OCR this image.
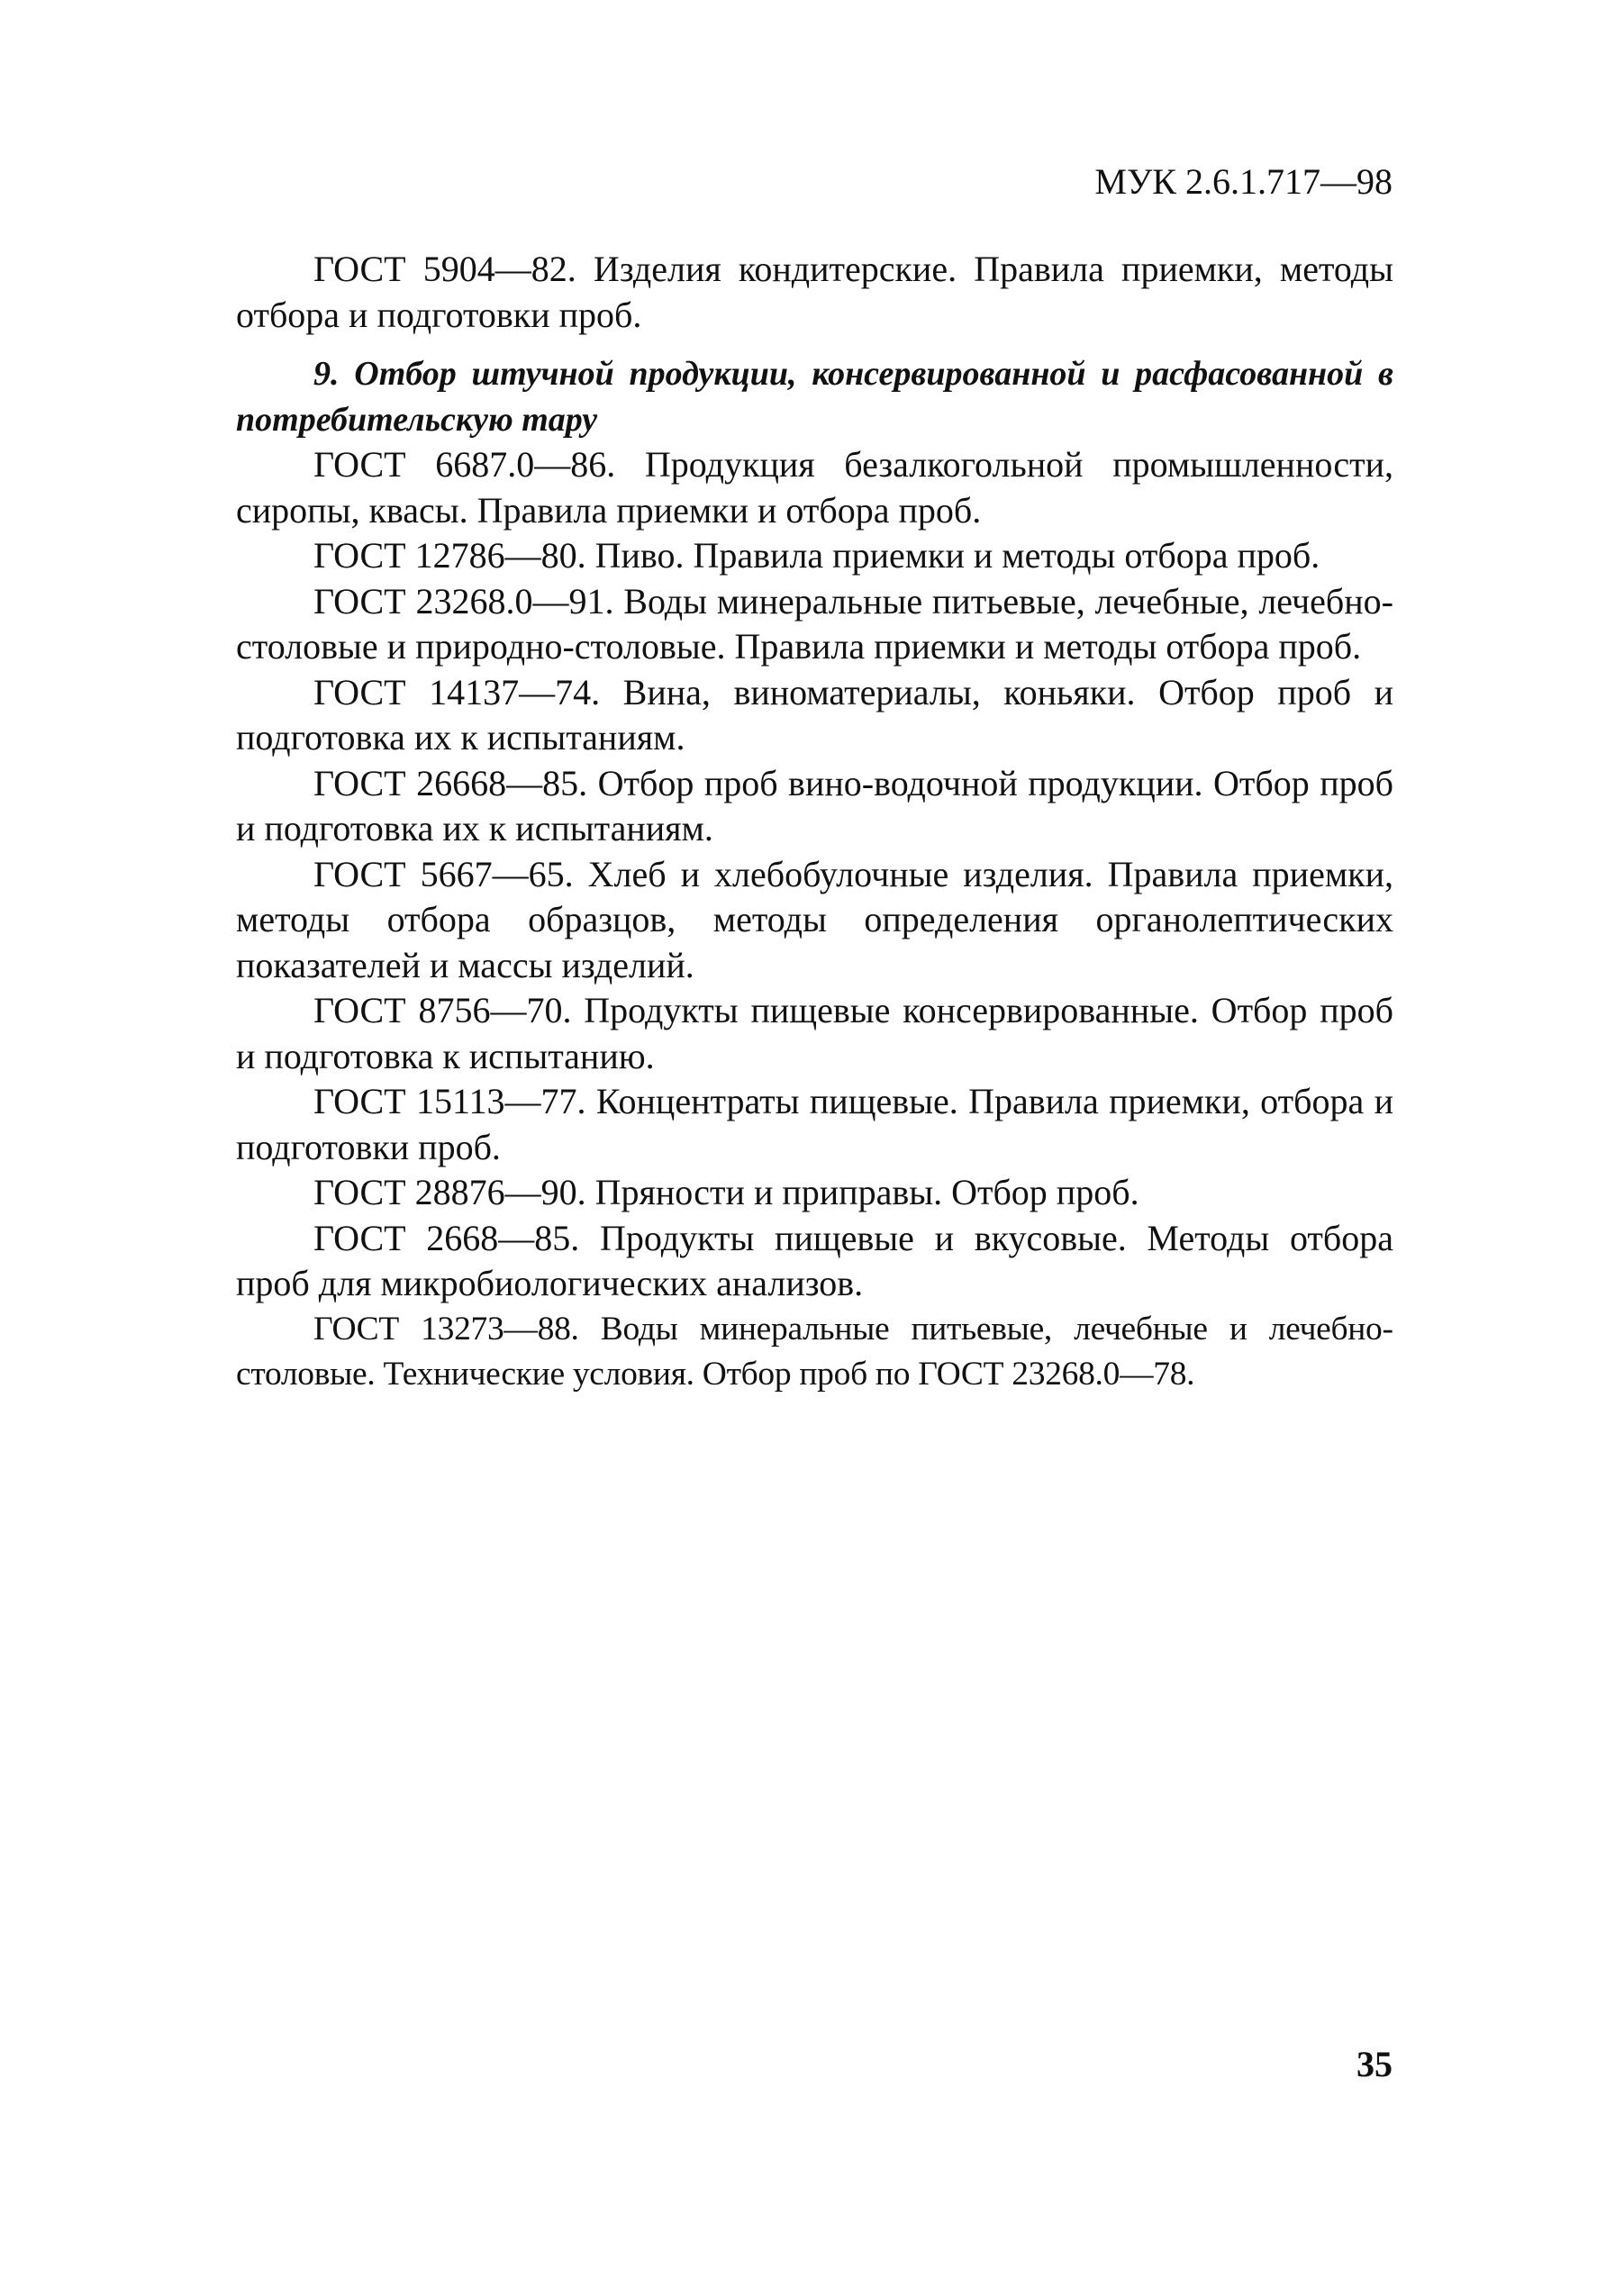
МУК 2.6.1.717—98

ГОСТ 5904—82. Изделия кондитерские. Правила приемки, методы отбора и подготовки проб.

9. Отбор штучной продукции, консервированной и расфасованной в потребительскую тару

ГОСТ 6687.0—86. Продукция безалкогольной промышленности, сиропы, квасы. Правила приемки и отбора проб.

ГОСТ 12786—80. Пиво. Правила приемки и методы отбора проб.

ГОСТ 23268.0—91. Воды минеральные питьевые, лечебные, лечебно-столовые и природно-столовые. Правила приемки и методы отбора проб.

ГОСТ 14137—74. Вина, виноматериалы, коньяки. Отбор проб и подготовка их к испытаниям.

ГОСТ 26668—85. Отбор проб вино-водочной продукции. Отбор проб и подготовка их к испытаниям.

ГОСТ 5667—65. Хлеб и хлебобулочные изделия. Правила приемки, методы отбора образцов, методы определения органолептических показателей и массы изделий.

ГОСТ 8756—70. Продукты пищевые консервированные. Отбор проб и подготовка к испытанию.

ГОСТ 15113—77. Концентраты пищевые. Правила приемки, отбора и подготовки проб.

ГОСТ 28876—90. Пряности и приправы. Отбор проб.

ГОСТ 2668—85. Продукты пищевые и вкусовые. Методы отбора проб для микробиологических анализов.

ГОСТ 13273—88. Воды минеральные питьевые, лечебные и лечебностоловые. Технические условия. Отбор проб по ГОСТ 23268.0—78.

35
